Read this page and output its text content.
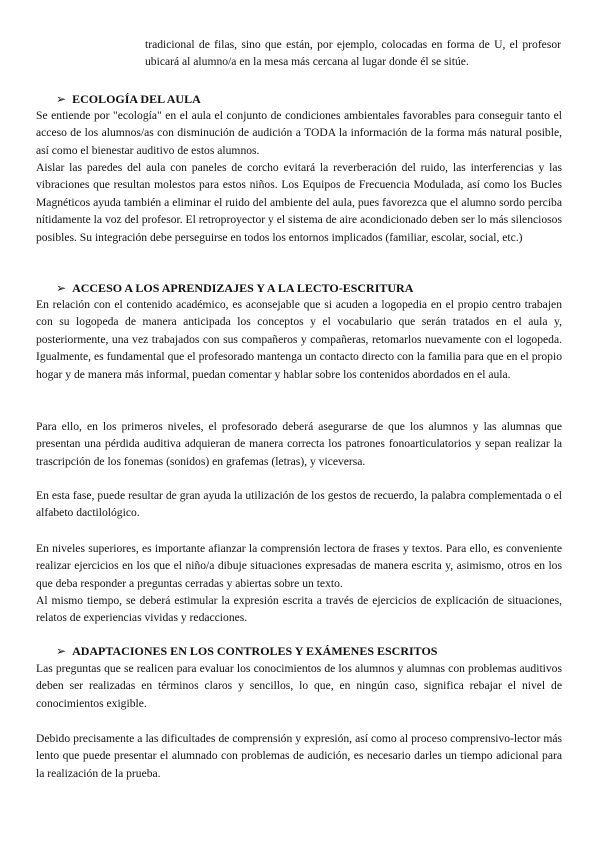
tradicional de filas, sino que están, por ejemplo, colocadas en forma de U, el profesor ubicará al alumno/a en la mesa más cercana al lugar donde él se sitúe.

➢ ECOLOGÍA DEL AULA

Se entiende por "ecología" en el aula el conjunto de condiciones ambientales favorables para conseguir tanto el acceso de los alumnos/as con disminución de audición a TODA la información de la forma más natural posible, así como el bienestar auditivo de estos alumnos.

Aislar las paredes del aula con paneles de corcho evitará la reverberación del ruido, las interferencias y las vibraciones que resultan molestos para estos niños. Los Equipos de Frecuencia Modulada, así como los Bucles Magnéticos ayuda también a eliminar el ruido del ambiente del aula, pues favorezca que el alumno sordo perciba nítidamente la voz del profesor. El retroproyector y el sistema de aire acondicionado deben ser lo más silenciosos posibles. Su integración debe perseguirse en todos los entornos implicados (familiar, escolar, social, etc.)

➢ ACCESO A LOS APRENDIZAJES Y A LA LECTO-ESCRITURA

En relación con el contenido académico, es aconsejable que si acuden a logopedia en el propio centro trabajen con su logopeda de manera anticipada los conceptos y el vocabulario que serán tratados en el aula y, posteriormente, una vez trabajados con sus compañeros y compañeras, retomarlos nuevamente con el logopeda. Igualmente, es fundamental que el profesorado mantenga un contacto directo con la familia para que en el propio hogar y de manera más informal, puedan comentar y hablar sobre los contenidos abordados en el aula.

Para ello, en los primeros niveles, el profesorado deberá asegurarse de que los alumnos y las alumnas que presentan una pérdida auditiva adquieran de manera correcta los patrones fonoarticulatorios y sepan realizar la trascripción de los fonemas (sonidos) en grafemas (letras), y viceversa.

En esta fase, puede resultar de gran ayuda la utilización de los gestos de recuerdo, la palabra complementada o el alfabeto dactilológico.

En niveles superiores, es importante afianzar la comprensión lectora de frases y textos. Para ello, es conveniente realizar ejercicios en los que el niño/a dibuje situaciones expresadas de manera escrita y, asimismo, otros en los que deba responder a preguntas cerradas y abiertas sobre un texto.

Al mismo tiempo, se deberá estimular la expresión escrita a través de ejercicios de explicación de situaciones, relatos de experiencias vividas y redacciones.

➢ ADAPTACIONES EN LOS CONTROLES Y EXÁMENES ESCRITOS

Las preguntas que se realicen para evaluar los conocimientos de los alumnos y alumnas con problemas auditivos deben ser realizadas en términos claros y sencillos, lo que, en ningún caso, significa rebajar el nivel de conocimientos exigible.

Debido precisamente a las dificultades de comprensión y expresión, así como al proceso comprensivo-lector más lento que puede presentar el alumnado con problemas de audición, es necesario darles un tiempo adicional para la realización de la prueba.
